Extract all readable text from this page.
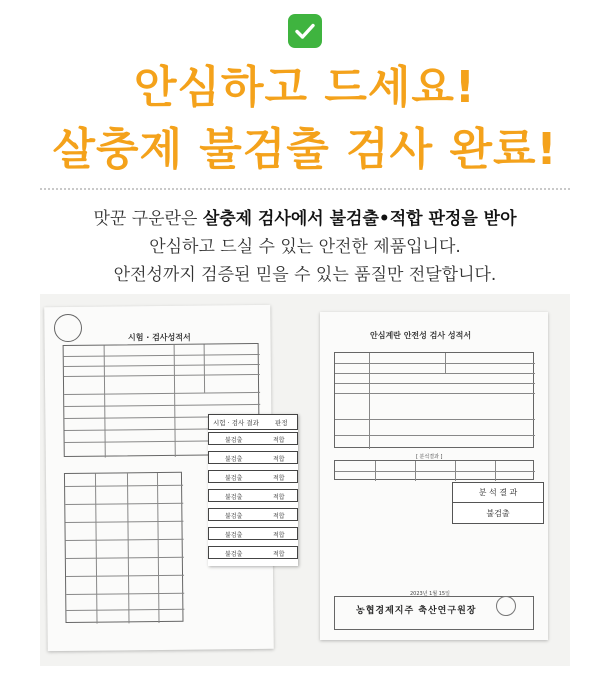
안심하고 드세요!
살충제 불검출 검사 완료!
맛꾼 구운란은 살충제 검사에서 불검출•적합 판정을 받아
안심하고 드실 수 있는 안전한 제품입니다.
안전성까지 검증된 믿을 수 있는 품질만 전달합니다.
시험 · 검사성적서
시험 · 검사 결과 판정
불검출	적합
불검출	적합
불검출	적합
불검출	적합
불검출	적합
불검출	적합
불검출	적합
안심계란 안전성 검사 성적서
[ 분석결과 ]
분 석 결 과
불검출
2023년 1월 15일
농협경제지주 축산연구원장
